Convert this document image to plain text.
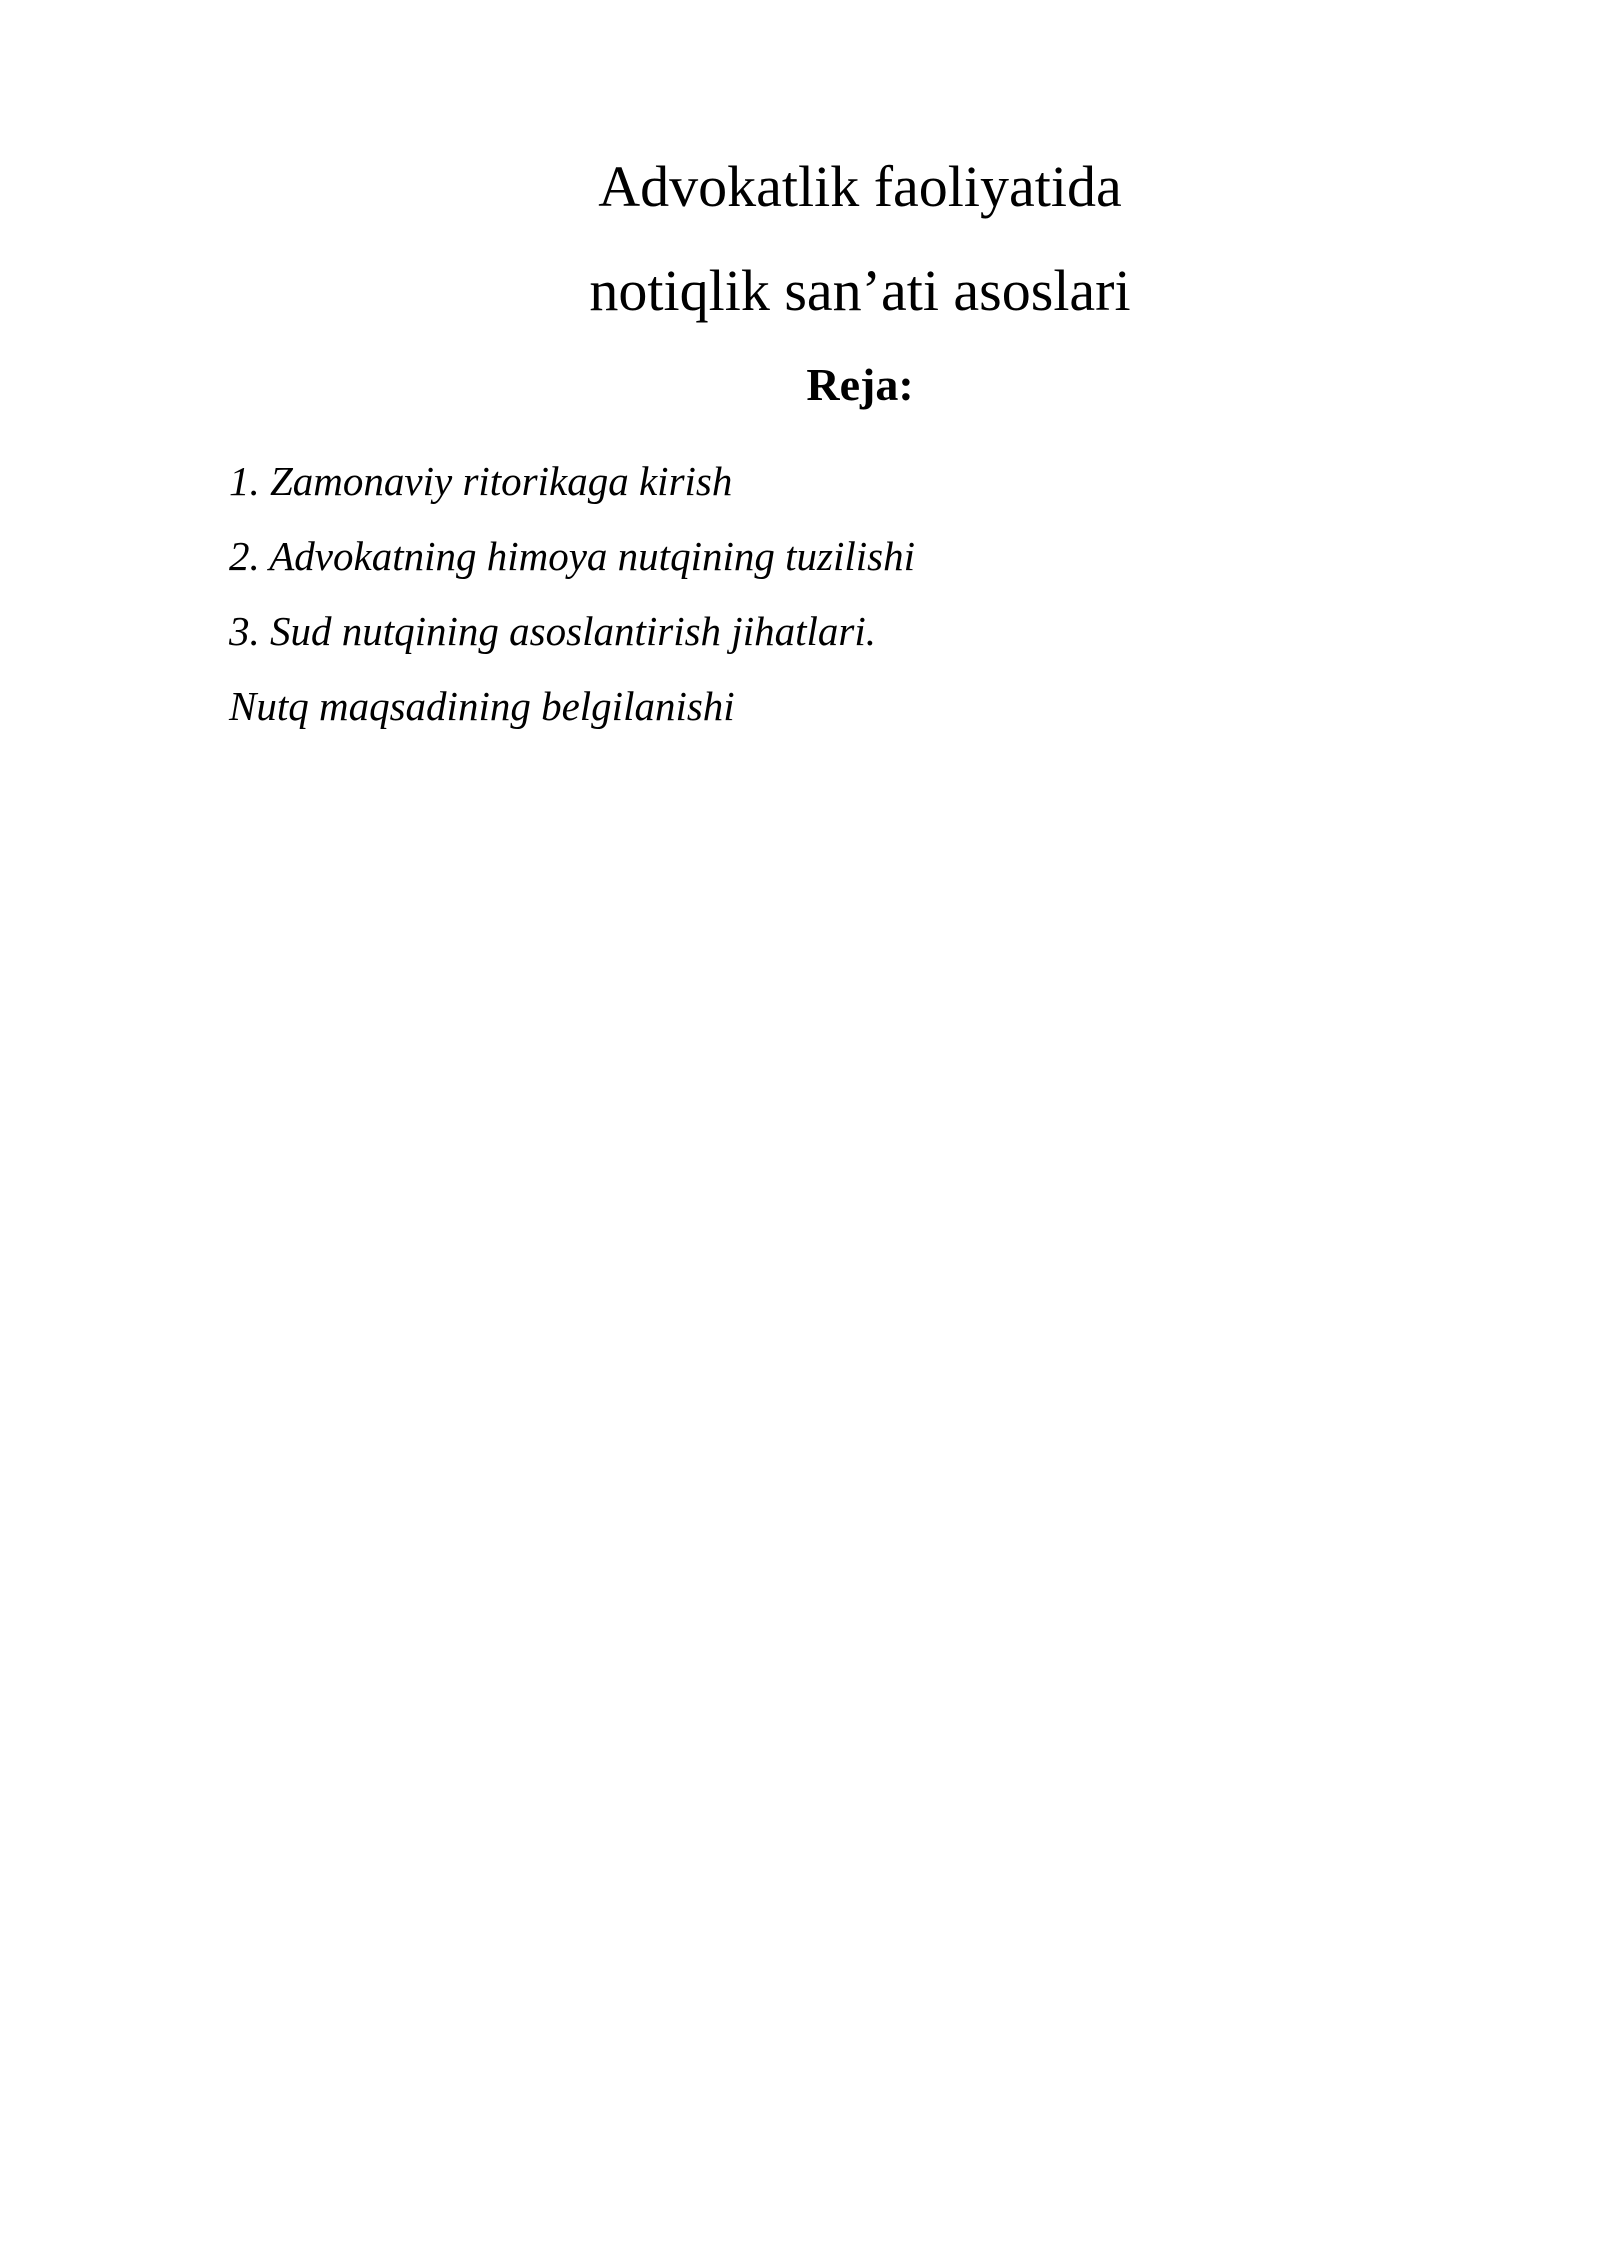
Advokatlik faoliyatida
notiqlik san’ati asoslari
Reja:
1. Zamonaviy ritorikaga kirish
2. Advokatning himoya nutqining tuzilishi
3. Sud nutqining asoslantirish jihatlari.
Nutq maqsadining belgilanishi
